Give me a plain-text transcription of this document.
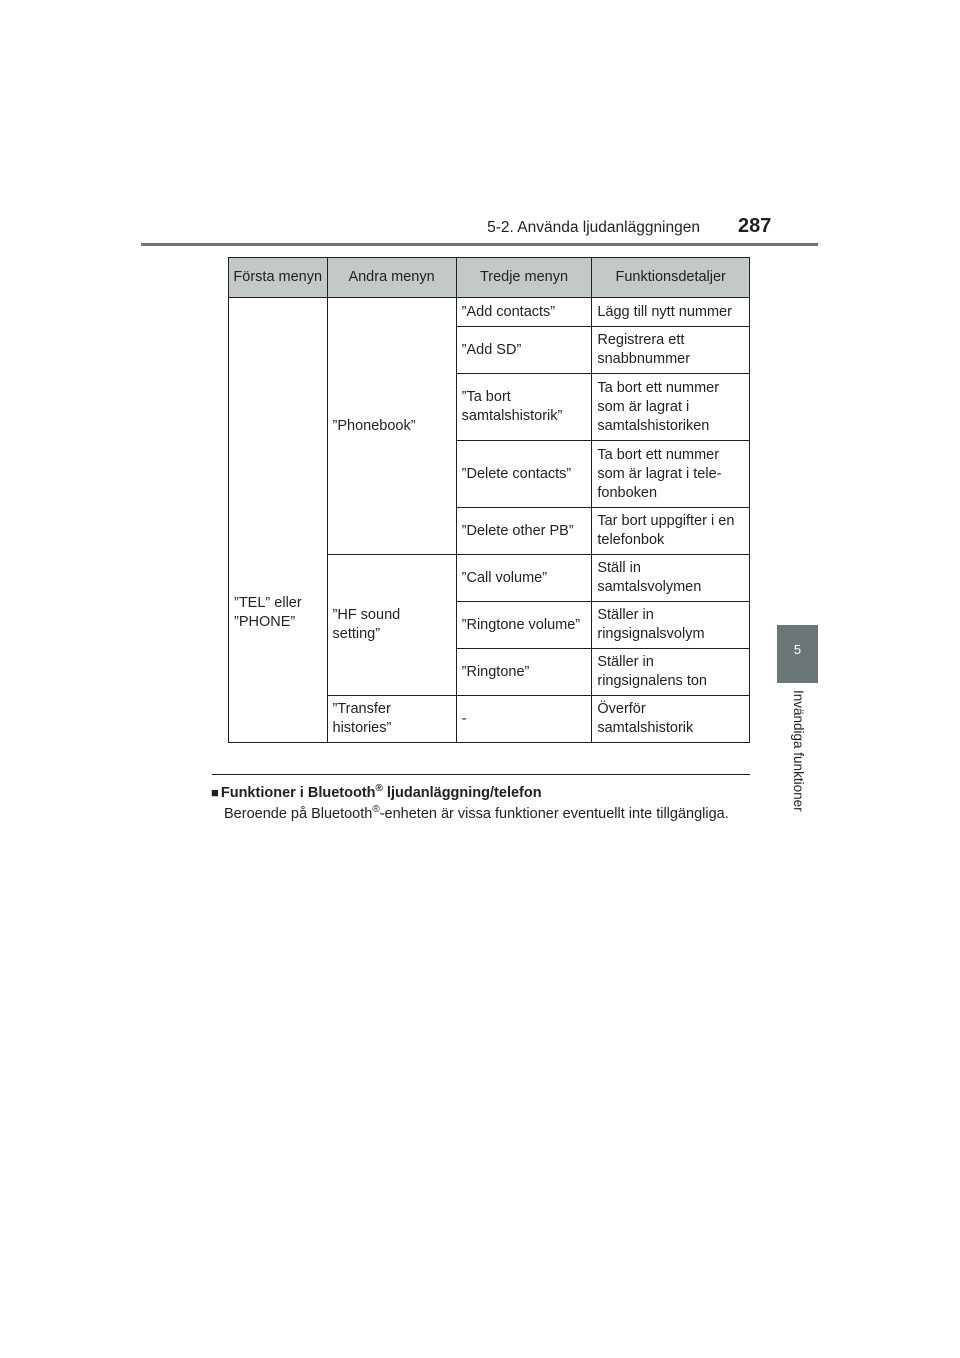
5-2. Använda ljudanläggningen 287
5
Invändiga funktioner
Första menyn	Andra menyn	Tredje menyn	Funktionsdetaljer
”TEL” eller ”PHONE”	”Phonebook”	”Add contacts”	Lägg till nytt nummer
		”Add SD”	Registrera ett snabbnummer
		”Ta bort samtalshistorik”	Ta bort ett nummer som är lagrat i samtalshistoriken
		”Delete contacts”	Ta bort ett nummer som är lagrat i tele-fonboken
		”Delete other PB”	Tar bort uppgifter i en telefonbok
	”HF sound setting”	”Call volume”	Ställ in samtalsvolymen
		”Ringtone volume”	Ställer in ringsignalsvolym
		”Ringtone”	Ställer in ringsignalens ton
	”Transfer histories”	-	Överför samtalshistorik
■ Funktioner i Bluetooth® ljudanläggning/telefon
Beroende på Bluetooth®-enheten är vissa funktioner eventuellt inte tillgängliga.
